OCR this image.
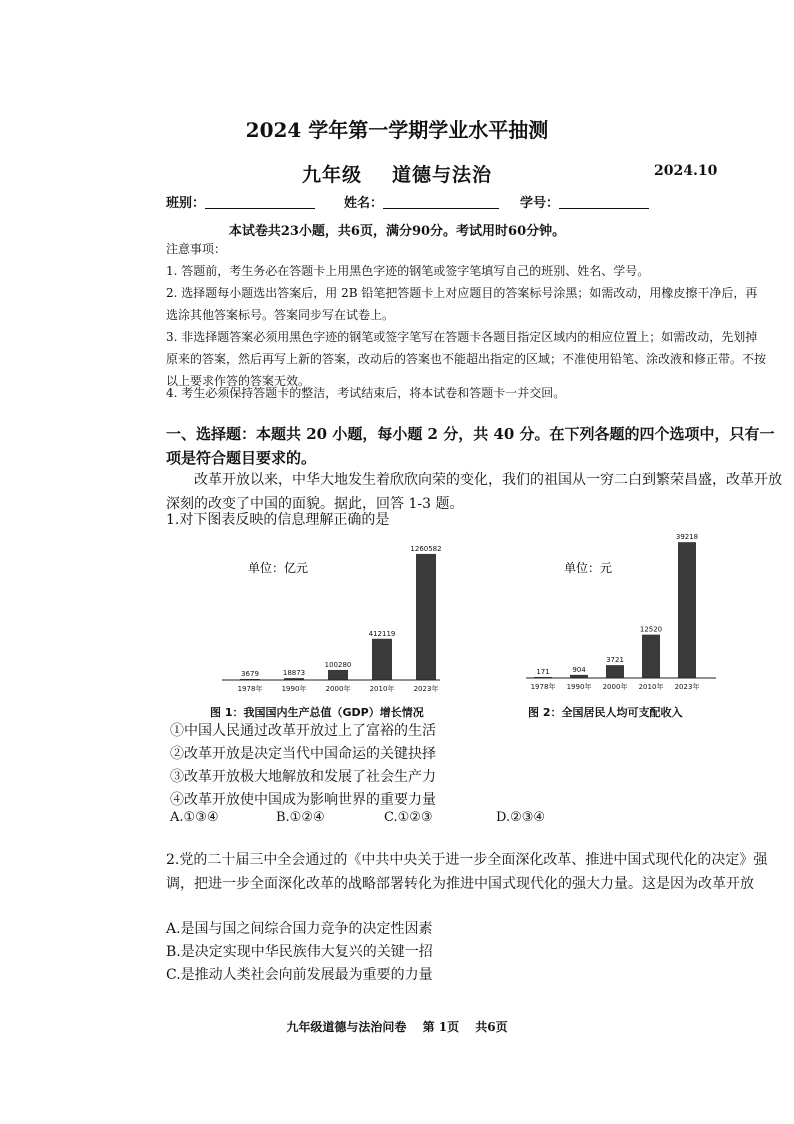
2024 学年第一学期学业水平抽测
九年级 道德与法治	2024.10
班别：	姓名：	学号：
本试卷共23小题，共6页，满分90分。考试用时60分钟。
注意事项：
1. 答题前，考生务必在答题卡上用黑色字迹的钢笔或签字笔填写自己的班别、姓名、学号。
2. 选择题每小题选出答案后，用 2B 铅笔把答题卡上对应题目的答案标号涂黑；如需改动，用橡皮擦干净后，再选涂其他答案标号。答案同步写在试卷上。
3. 非选择题答案必须用黑色字迹的钢笔或签字笔写在答题卡各题目指定区域内的相应位置上；如需改动，先划掉原来的答案，然后再写上新的答案，改动后的答案也不能超出指定的区域；不准使用铅笔、涂改液和修正带。不按以上要求作答的答案无效。
4. 考生必须保持答题卡的整洁，考试结束后，将本试卷和答题卡一并交回。
一、选择题：本题共 20 小题，每小题 2 分，共 40 分。在下列各题的四个选项中，只有一项是符合题目要求的。
改革开放以来，中华大地发生着欣欣向荣的变化，我们的祖国从一穷二白到繁荣昌盛，改革开放深刻的改变了中国的面貌。据此，回答 1-3 题。
1.对下图表反映的信息理解正确的是
单位：亿元
3679	18873
100280
412119
1260582
1978年	1990年	2000年	2010年	2023年
图 1：我国国内生产总值（GDP）增长情况
单位：元
171	904
3721
12520
39218
1978年 1990年 2000年 2010年 2023年
图 2：全国居民人均可支配收入
①中国人民通过改革开放过上了富裕的生活
②改革开放是决定当代中国命运的关键抉择
③改革开放极大地解放和发展了社会生产力
④改革开放使中国成为影响世界的重要力量
A.①③④	B.①②④	C.①②③	D.②③④
2.党的二十届三中全会通过的《中共中央关于进一步全面深化改革、推进中国式现代化的决定》强调，把进一步全面深化改革的战略部署转化为推进中国式现代化的强大力量。这是因为改革开放
A.是国与国之间综合国力竞争的决定性因素
B.是决定实现中华民族伟大复兴的关键一招
C.是推动人类社会向前发展最为重要的力量
九年级道德与法治问卷 第 1页 共6页
